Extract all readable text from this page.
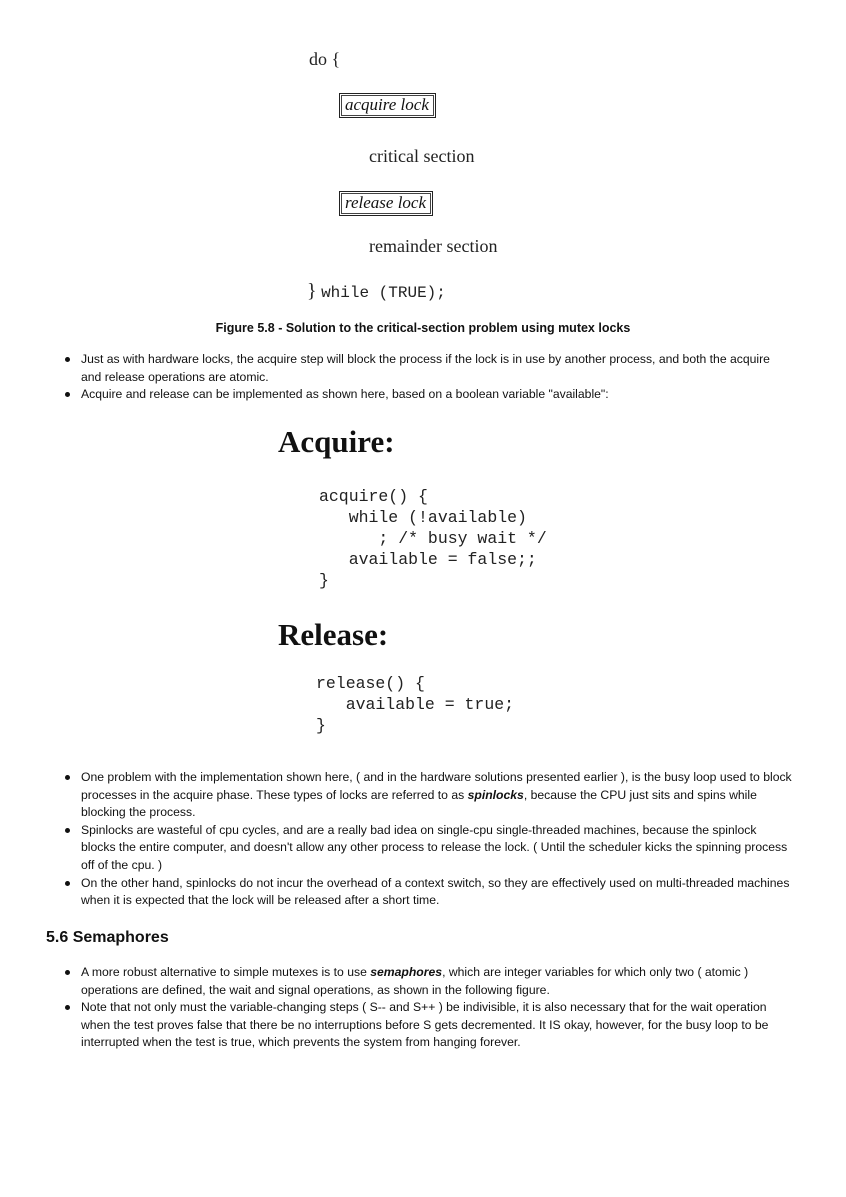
do {
acquire lock
critical section
release lock
remainder section
} while (TRUE);
Figure 5.8 - Solution to the critical-section problem using mutex locks
Just as with hardware locks, the acquire step will block the process if the lock is in use by another process, and both the acquire and release operations are atomic.
Acquire and release can be implemented as shown here, based on a boolean variable "available":
Acquire:
acquire() {
while (!available)
; /* busy wait */
available = false;;
}
Release:
release() {
available = true;
}
One problem with the implementation shown here, ( and in the hardware solutions presented earlier ), is the busy loop used to block processes in the acquire phase. These types of locks are referred to as spinlocks, because the CPU just sits and spins while blocking the process.
Spinlocks are wasteful of cpu cycles, and are a really bad idea on single-cpu single-threaded machines, because the spinlock blocks the entire computer, and doesn't allow any other process to release the lock. ( Until the scheduler kicks the spinning process off of the cpu. )
On the other hand, spinlocks do not incur the overhead of a context switch, so they are effectively used on multi-threaded machines when it is expected that the lock will be released after a short time.
5.6 Semaphores
A more robust alternative to simple mutexes is to use semaphores, which are integer variables for which only two ( atomic ) operations are defined, the wait and signal operations, as shown in the following figure.
Note that not only must the variable-changing steps ( S-- and S++ ) be indivisible, it is also necessary that for the wait operation when the test proves false that there be no interruptions before S gets decremented. It IS okay, however, for the busy loop to be interrupted when the test is true, which prevents the system from hanging forever.
